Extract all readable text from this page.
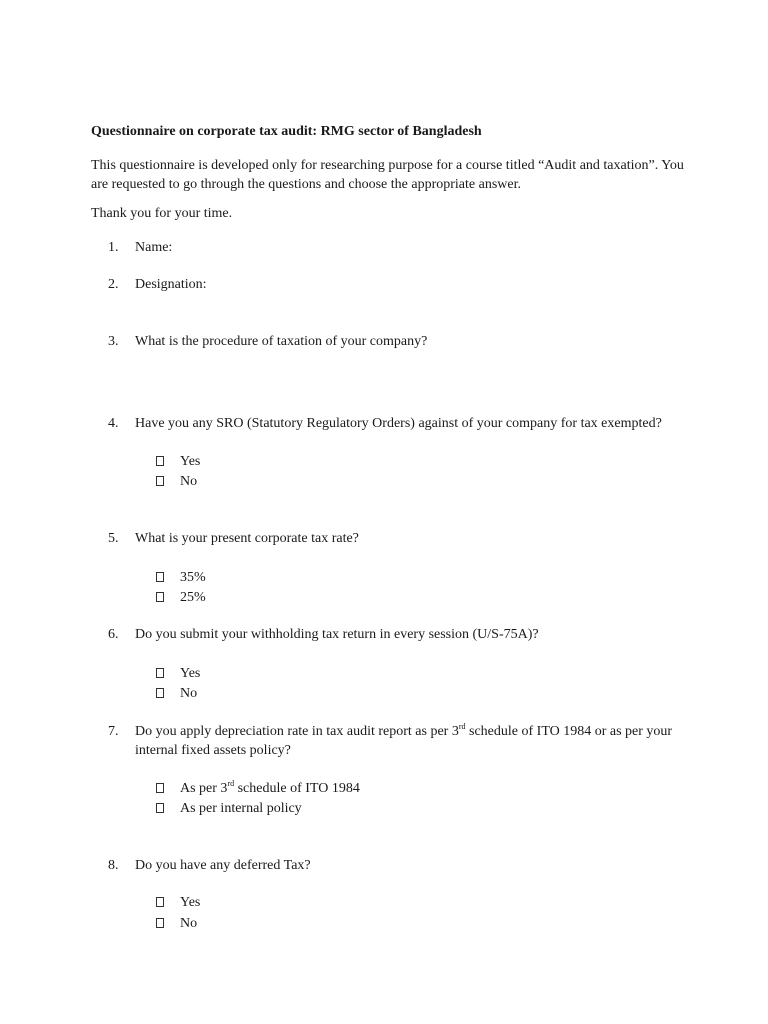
Questionnaire on corporate tax audit: RMG sector of Bangladesh
This questionnaire is developed only for researching purpose for a course titled “Audit and taxation”. You
are requested to go through the questions and choose the appropriate answer.
Thank you for your time.
1.	Name:
2.	Designation:
3.	What is the procedure of taxation of your company?
4.	Have you any SRO (Statutory Regulatory Orders) against of your company for tax exempted?
Yes
No
5.	What is your present corporate tax rate?
35%
25%
6.	Do you submit your withholding tax return in every session (U/S-75A)?
Yes
No
7.	Do you apply depreciation rate in tax audit report as per 3rd schedule of ITO 1984 or as per your
internal fixed assets policy?
As per 3rd schedule of ITO 1984
As per internal policy
8.	Do you have any deferred Tax?
Yes
No
